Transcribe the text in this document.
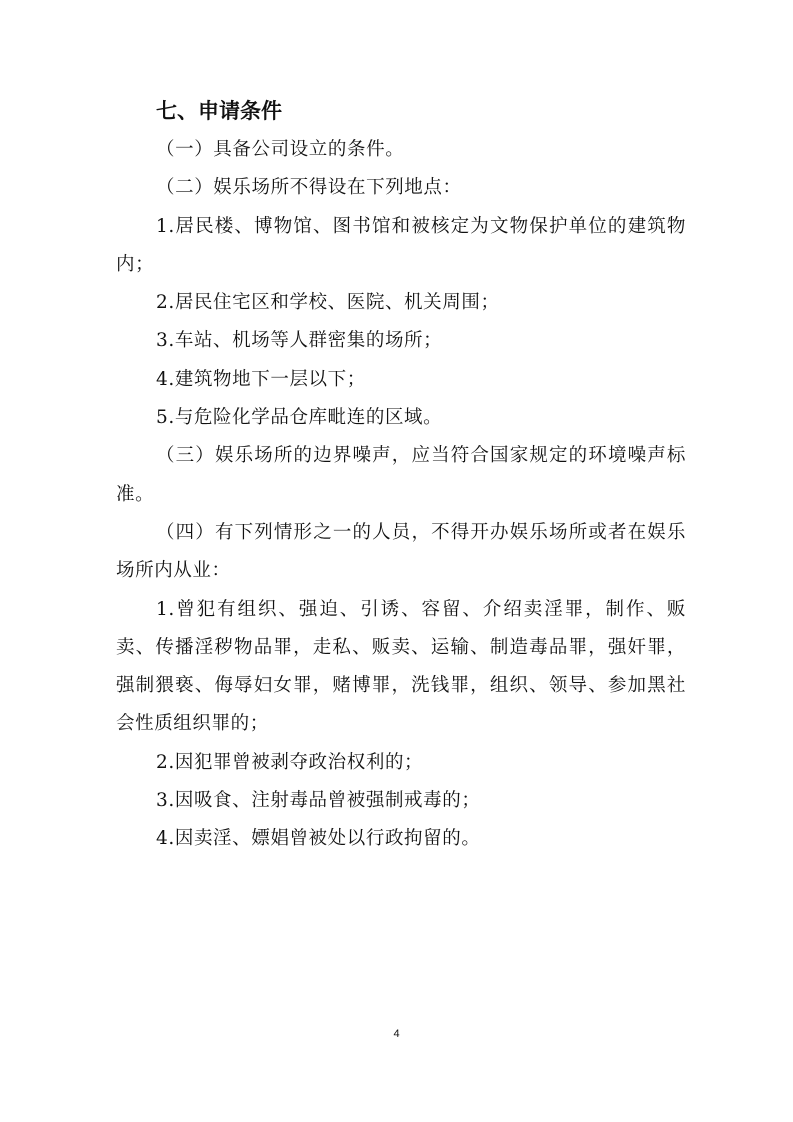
七、申请条件

（一）具备公司设立的条件。

（二）娱乐场所不得设在下列地点：

1.居民楼、博物馆、图书馆和被核定为文物保护单位的建筑物内；

2.居民住宅区和学校、医院、机关周围；

3.车站、机场等人群密集的场所；

4.建筑物地下一层以下；

5.与危险化学品仓库毗连的区域。

（三）娱乐场所的边界噪声，应当符合国家规定的环境噪声标准。

（四）有下列情形之一的人员，不得开办娱乐场所或者在娱乐场所内从业：

1.曾犯有组织、强迫、引诱、容留、介绍卖淫罪，制作、贩卖、传播淫秽物品罪，走私、贩卖、运输、制造毒品罪，强奸罪，强制猥亵、侮辱妇女罪，赌博罪，洗钱罪，组织、领导、参加黑社会性质组织罪的；

2.因犯罪曾被剥夺政治权利的；

3.因吸食、注射毒品曾被强制戒毒的；

4.因卖淫、嫖娼曾被处以行政拘留的。

4
